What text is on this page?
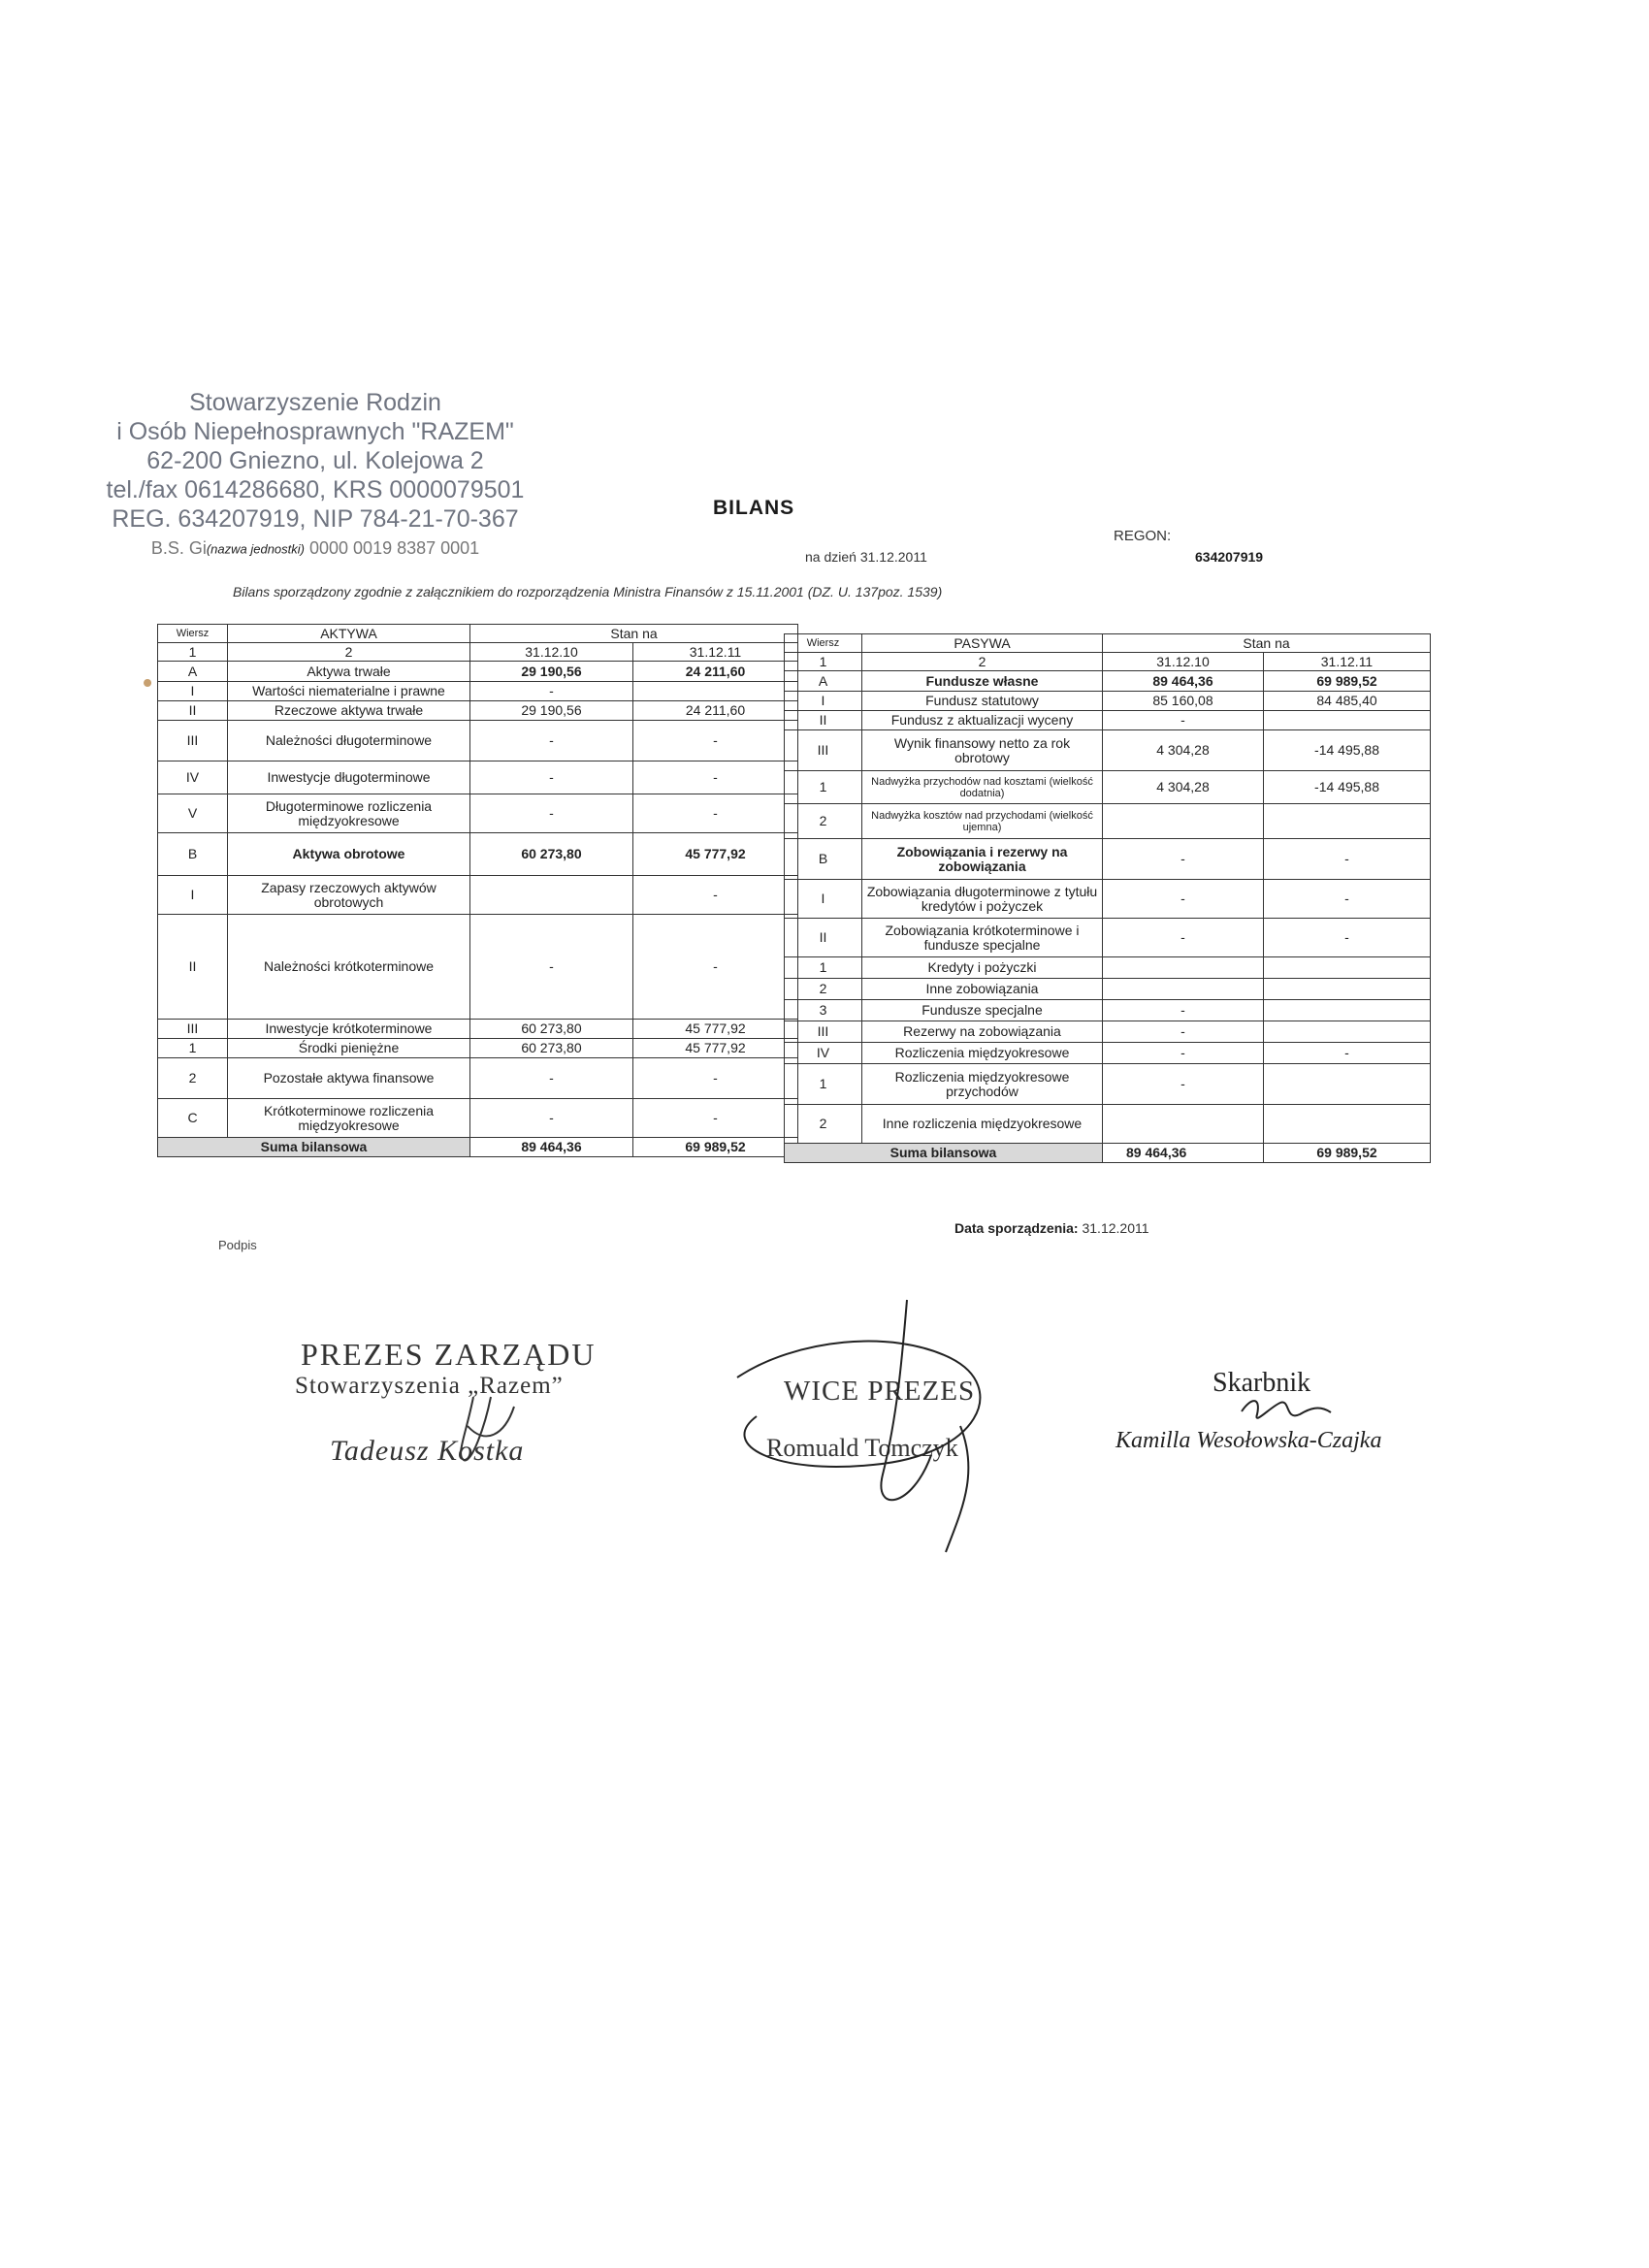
Stowarzyszenie Rodzin
i Osób Niepełnosprawnych "RAZEM"
62-200 Gniezno, ul. Kolejowa 2
tel./fax 0614286680, KRS 0000079501
REG. 634207919, NIP 784-21-70-367
B.S. Gi(nazwa jednostki) 0000 0019 8387 0001
BILANS
REGON:
634207919
na dzień 31.12.2011
Bilans sporządzony zgodnie z załącznikiem do rozporządzenia Ministra Finansów z 15.11.2001 (DZ. U. 137poz. 1539)
Wiersz	AKTYWA	Stan na	
1	2	31.12.10	31.12.11
A	Aktywa trwałe	29 190,56	24 211,60
I	Wartości niematerialne i prawne	-	
II	Rzeczowe aktywa trwałe	29 190,56	24 211,60
III	Należności długoterminowe	-	-
IV	Inwestycje długoterminowe	-	-
V	Długoterminowe rozliczenia międzyokresowe	-	-
B	Aktywa obrotowe	60 273,80	45 777,92
I	Zapasy rzeczowych aktywów obrotowych		-
II	Należności krótkoterminowe	-	-
III	Inwestycje krótkoterminowe	60 273,80	45 777,92
1	Środki pieniężne	60 273,80	45 777,92
2	Pozostałe aktywa finansowe	-	-
C	Krótkoterminowe rozliczenia międzyokresowe	-	-
Suma bilansowa		89 464,36	69 989,52
Wiersz	PASYWA	Stan na	
1	2	31.12.10	31.12.11
A	Fundusze własne	89 464,36	69 989,52
I	Fundusz statutowy	85 160,08	84 485,40
II	Fundusz z aktualizacji wyceny	-	
III	Wynik finansowy netto za rok obrotowy	4 304,28	-14 495,88
1	Nadwyżka przychodów nad kosztami (wielkość dodatnia)	4 304,28	-14 495,88
2	Nadwyżka kosztów nad przychodami (wielkość ujemna)		
B	Zobowiązania i rezerwy na zobowiązania	-	-
I	Zobowiązania długoterminowe z tytułu kredytów i pożyczek	-	-
II	Zobowiązania krótkoterminowe i fundusze specjalne	-	-
1	Kredyty i pożyczki		
2	Inne zobowiązania		
3	Fundusze specjalne	-	
III	Rezerwy na zobowiązania	-	
IV	Rozliczenia międzyokresowe	-	-
1	Rozliczenia międzyokresowe przychodów	-	
2	Inne rozliczenia międzyokresowe		
Suma bilansowa		89 464,36	69 989,52
Podpis
Data sporządzenia: 31.12.2011
PREZES ZARZĄDU
Stowarzyszenia „Razem”
Tadeusz Kostka
WICE PREZES
Romuald Tomczyk
Skarbnik
Kamilla Wesołowska-Czajka
